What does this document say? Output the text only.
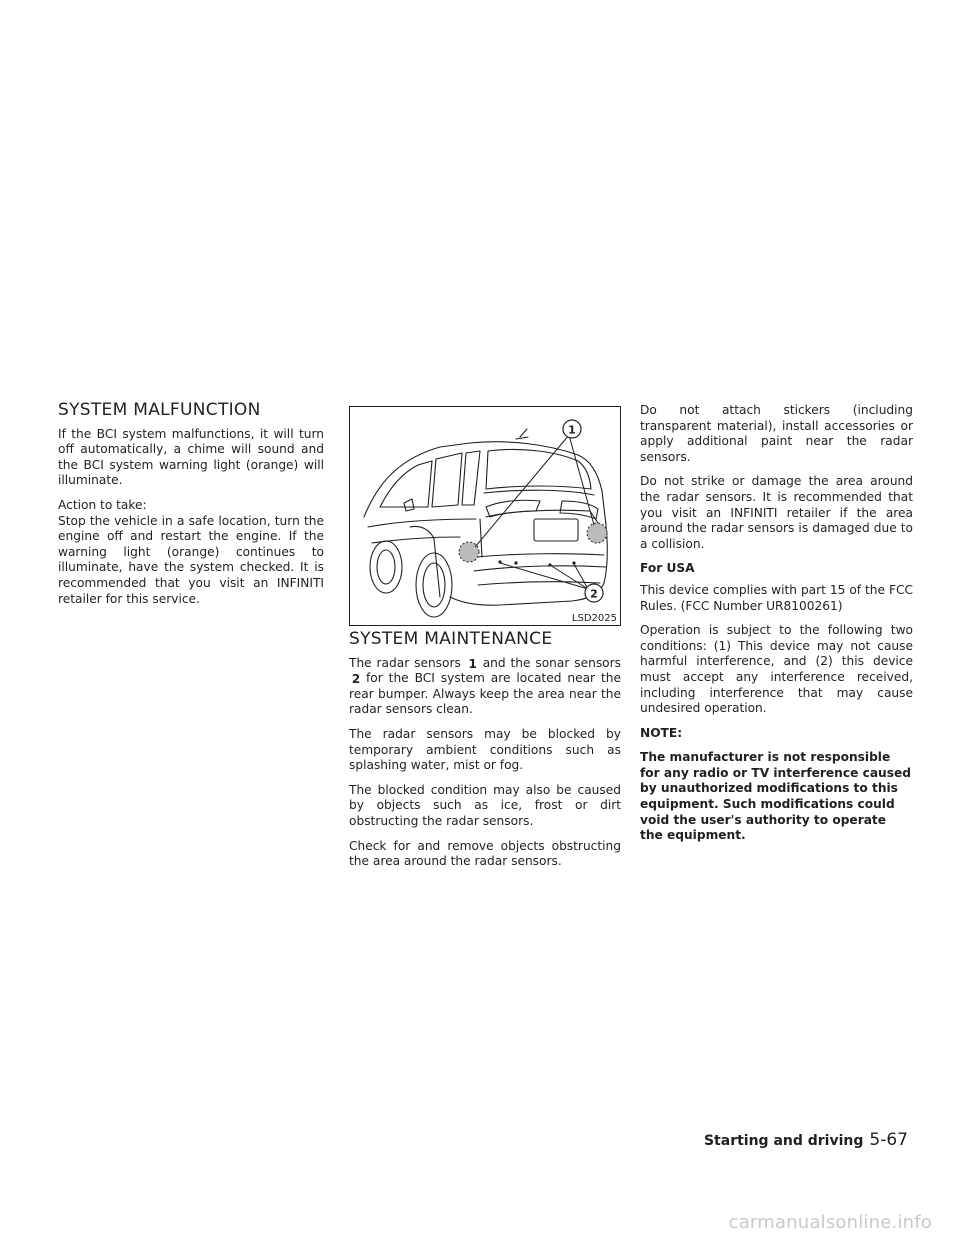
SYSTEM MALFUNCTION

If the BCI system malfunctions, it will turn off automatically, a chime will sound and the BCI system warning light (orange) will illuminate.

Action to take:

Stop the vehicle in a safe location, turn the engine off and restart the engine. If the warning light (orange) continues to illuminate, have the system checked. It is recommended that you visit an INFINITI retailer for this service.

1
2
LSD2025
SYSTEM MAINTENANCE

The radar sensors 1 and the sonar sensors 2 for the BCI system are located near the rear bumper. Always keep the area near the radar sensors clean.

The radar sensors may be blocked by temporary ambient conditions such as splashing water, mist or fog.

The blocked condition may also be caused by objects such as ice, frost or dirt obstructing the radar sensors.

Check for and remove objects obstructing the area around the radar sensors.

Do not attach stickers (including transparent material), install accessories or apply additional paint near the radar sensors.

Do not strike or damage the area around the radar sensors. It is recommended that you visit an INFINITI retailer if the area around the radar sensors is damaged due to a collision.

For USA

This device complies with part 15 of the FCC Rules. (FCC Number UR8100261)

Operation is subject to the following two conditions: (1) This device may not cause harmful interference, and (2) this device must accept any interference received, including interference that may cause undesired operation.

NOTE:

The manufacturer is not responsible for any radio or TV interference caused by unauthorized modifications to this equipment. Such modifications could void the user's authority to operate the equipment.

Starting and driving 5-67
carmanualsonline.info
